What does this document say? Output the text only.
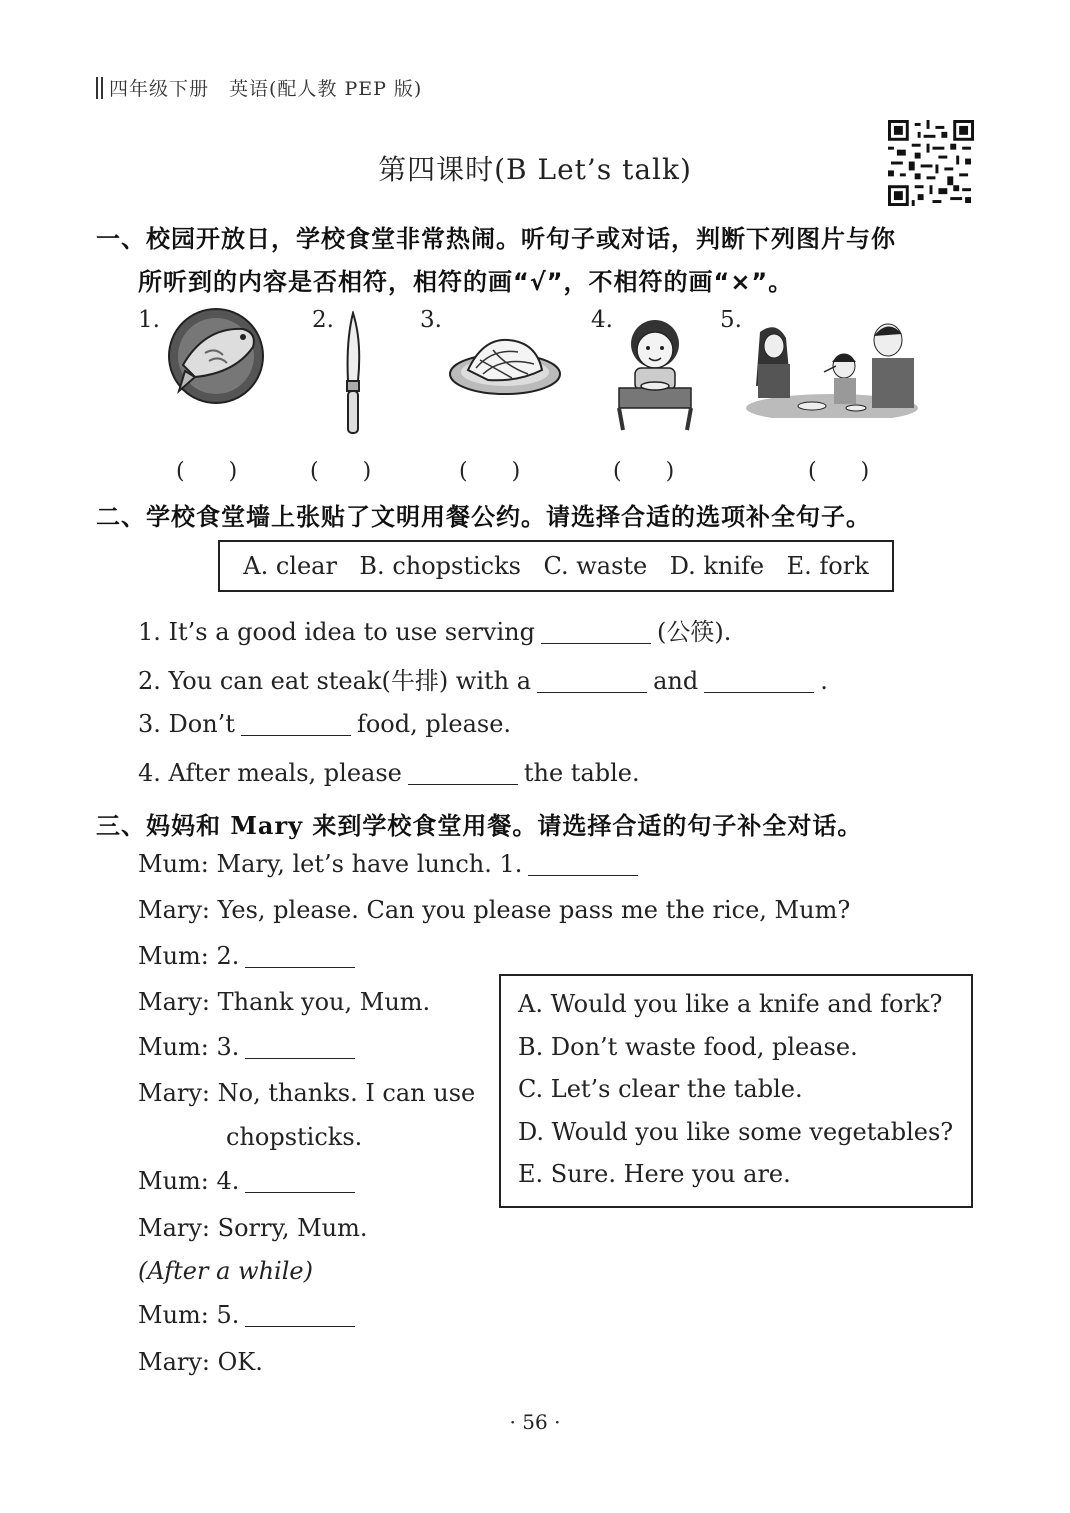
四年级下册　英语(配人教 PEP 版)
第四课时(B Let’s talk)
一、校园开放日，学校食堂非常热闹。听句子或对话，判断下列图片与你
所听到的内容是否相符，相符的画“√”，不相符的画“×”。
1.	2.	3.	4.	5.
(　　)	(　　)	(　　)	(　　)	(　　)
二、学校食堂墙上张贴了文明用餐公约。请选择合适的选项补全句子。
A. clear B. chopsticks C. waste D. knife E. fork
1. It’s a good idea to use serving	(公筷).
2. You can eat steak(牛排) with a	and	.
3. Don’t	food, please.
4. After meals, please	the table.
三、妈妈和 Mary 来到学校食堂用餐。请选择合适的句子补全对话。
Mum: Mary, let’s have lunch. 1.
Mary: Yes, please. Can you please pass me the rice, Mum?
Mum: 2.
Mary: Thank you, Mum.
Mum: 3.
Mary: No, thanks. I can use
chopsticks.
Mum: 4.
Mary: Sorry, Mum.
(After a while)
Mum: 5.
Mary: OK.
A. Would you like a knife and fork?
B. Don’t waste food, please.
C. Let’s clear the table.
D. Would you like some vegetables?
E. Sure. Here you are.
· 56 ·
